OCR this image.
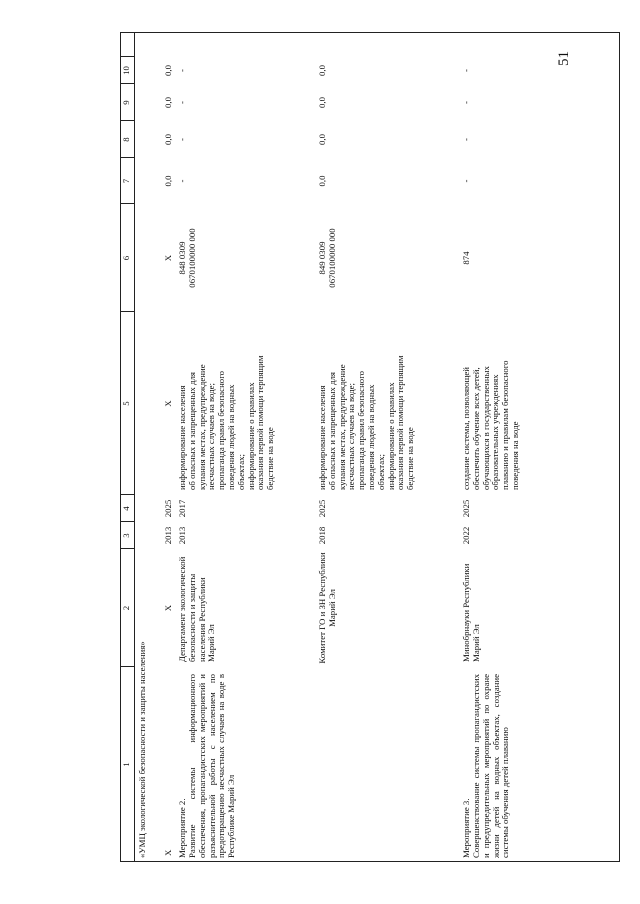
51
1
2
3
4
5
6
7
8
9
10
«УМЦ экологической безопасности и защиты населения» Х
Х
2013
2025
Х
Х
0,0
0,0
0,0
0,0
Мероприятие 2. Развитие системы информационного обеспечения, пропагандистских мероприятий и разъяснительной работы с населением по предотвращению несчастных случаев на воде в Республике Марий Эл
Департамент экологической безопасности и защиты населения Республики Марий Эл
2013
2017
информирование населения об опасных и запрещенных для купания местах, предупреждение несчастных случаев на воде; пропаганда правил безопасного поведения людей на водных объектах; информирование о правилах оказания первой помощи терпящим бедствие на воде
848 0309 0670100000 000
-
-
-
-
Комитет ГО и ЗН Республики Марий Эл
2018
2025
информирование населения об опасных и запрещенных для купания местах, предупреждение несчастных случаев на воде; пропаганда правил безопасного поведения людей на водных объектах; информирование о правилах оказания первой помощи терпящим бедствие на воде
849 0309 0670100000 000
0,0
0,0
0,0
0,0
Мероприятие 3. Совершенствование системы пропагандистских и предупредительных мероприятий по охране жизни детей на водных объектах, создание системы обучения детей плаванию
Минобрнауки Республики Марий Эл
2022
2025
создание системы, позволяющей обеспечить обучение всех детей, обучающихся в государственных образовательных учреждениях плаванию и правилам безопасного поведения на воде
874
-
-
-
-
